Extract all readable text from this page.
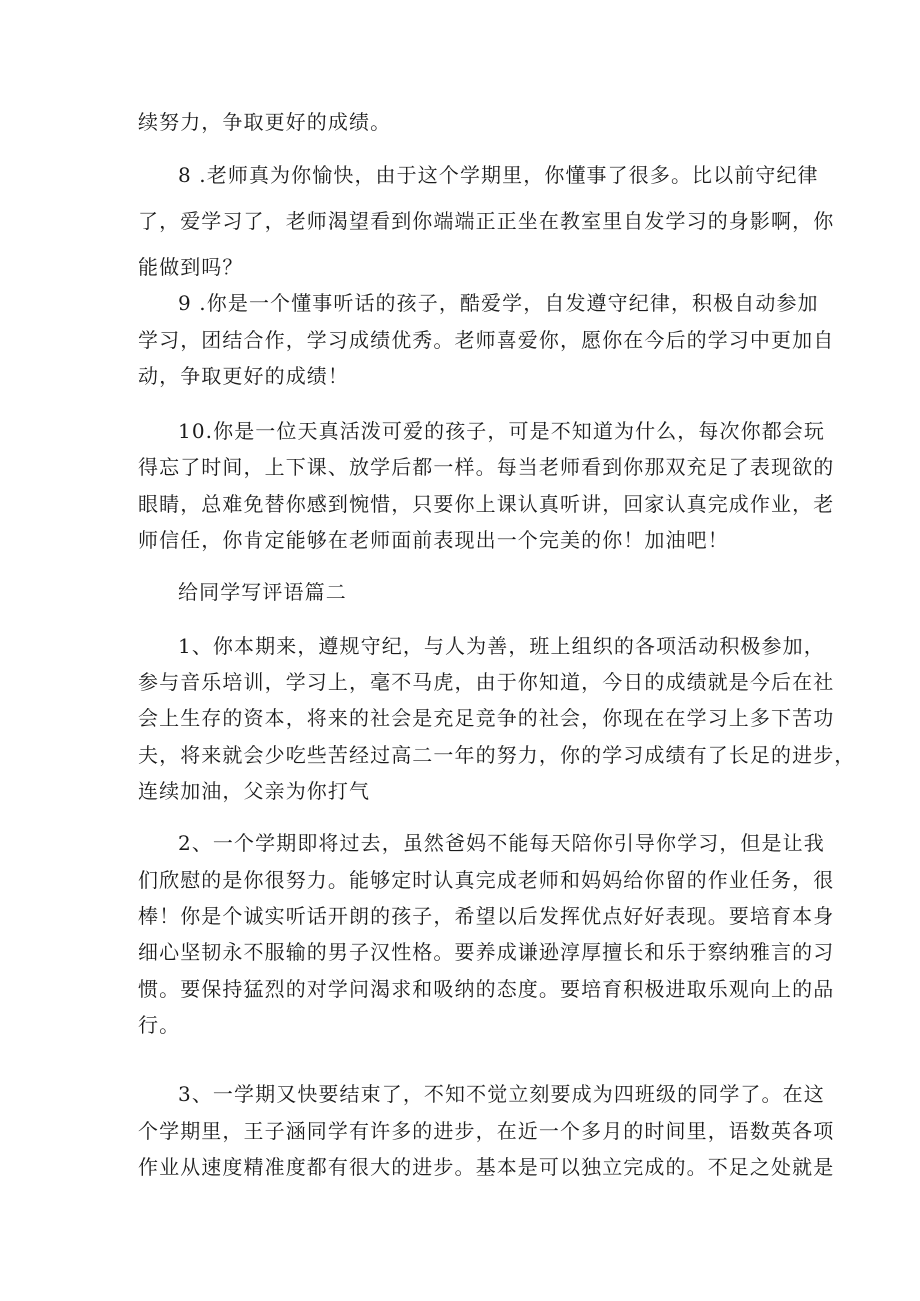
续努力，争取更好的成绩。
8 .老师真为你愉快，由于这个学期里，你懂事了很多。比以前守纪律
了，爱学习了，老师渴望看到你端端正正坐在教室里自发学习的身影啊，你
能做到吗？
9 .你是一个懂事听话的孩子，酷爱学，自发遵守纪律，积极自动参加
学习，团结合作，学习成绩优秀。老师喜爱你，愿你在今后的学习中更加自
动，争取更好的成绩！
10.你是一位天真活泼可爱的孩子，可是不知道为什么，每次你都会玩
得忘了时间，上下课、放学后都一样。每当老师看到你那双充足了表现欲的
眼睛，总难免替你感到惋惜，只要你上课认真听讲，回家认真完成作业，老
师信任，你肯定能够在老师面前表现出一个完美的你！加油吧！
给同学写评语篇二
1、你本期来，遵规守纪，与人为善，班上组织的各项活动积极参加，
参与音乐培训，学习上，毫不马虎，由于你知道，今日的成绩就是今后在社
会上生存的资本，将来的社会是充足竞争的社会，你现在在学习上多下苦功
夫，将来就会少吃些苦经过高二一年的努力，你的学习成绩有了长足的进步，
连续加油，父亲为你打气
2、一个学期即将过去，虽然爸妈不能每天陪你引导你学习，但是让我
们欣慰的是你很努力。能够定时认真完成老师和妈妈给你留的作业任务，很
棒！你是个诚实听话开朗的孩子，希望以后发挥优点好好表现。要培育本身
细心坚韧永不服输的男子汉性格。要养成谦逊淳厚擅长和乐于察纳雅言的习
惯。要保持猛烈的对学问渴求和吸纳的态度。要培育积极进取乐观向上的品
行。
3、一学期又快要结束了，不知不觉立刻要成为四班级的同学了。在这
个学期里，王子涵同学有许多的进步，在近一个多月的时间里，语数英各项
作业从速度精准度都有很大的进步。基本是可以独立完成的。不足之处就是
